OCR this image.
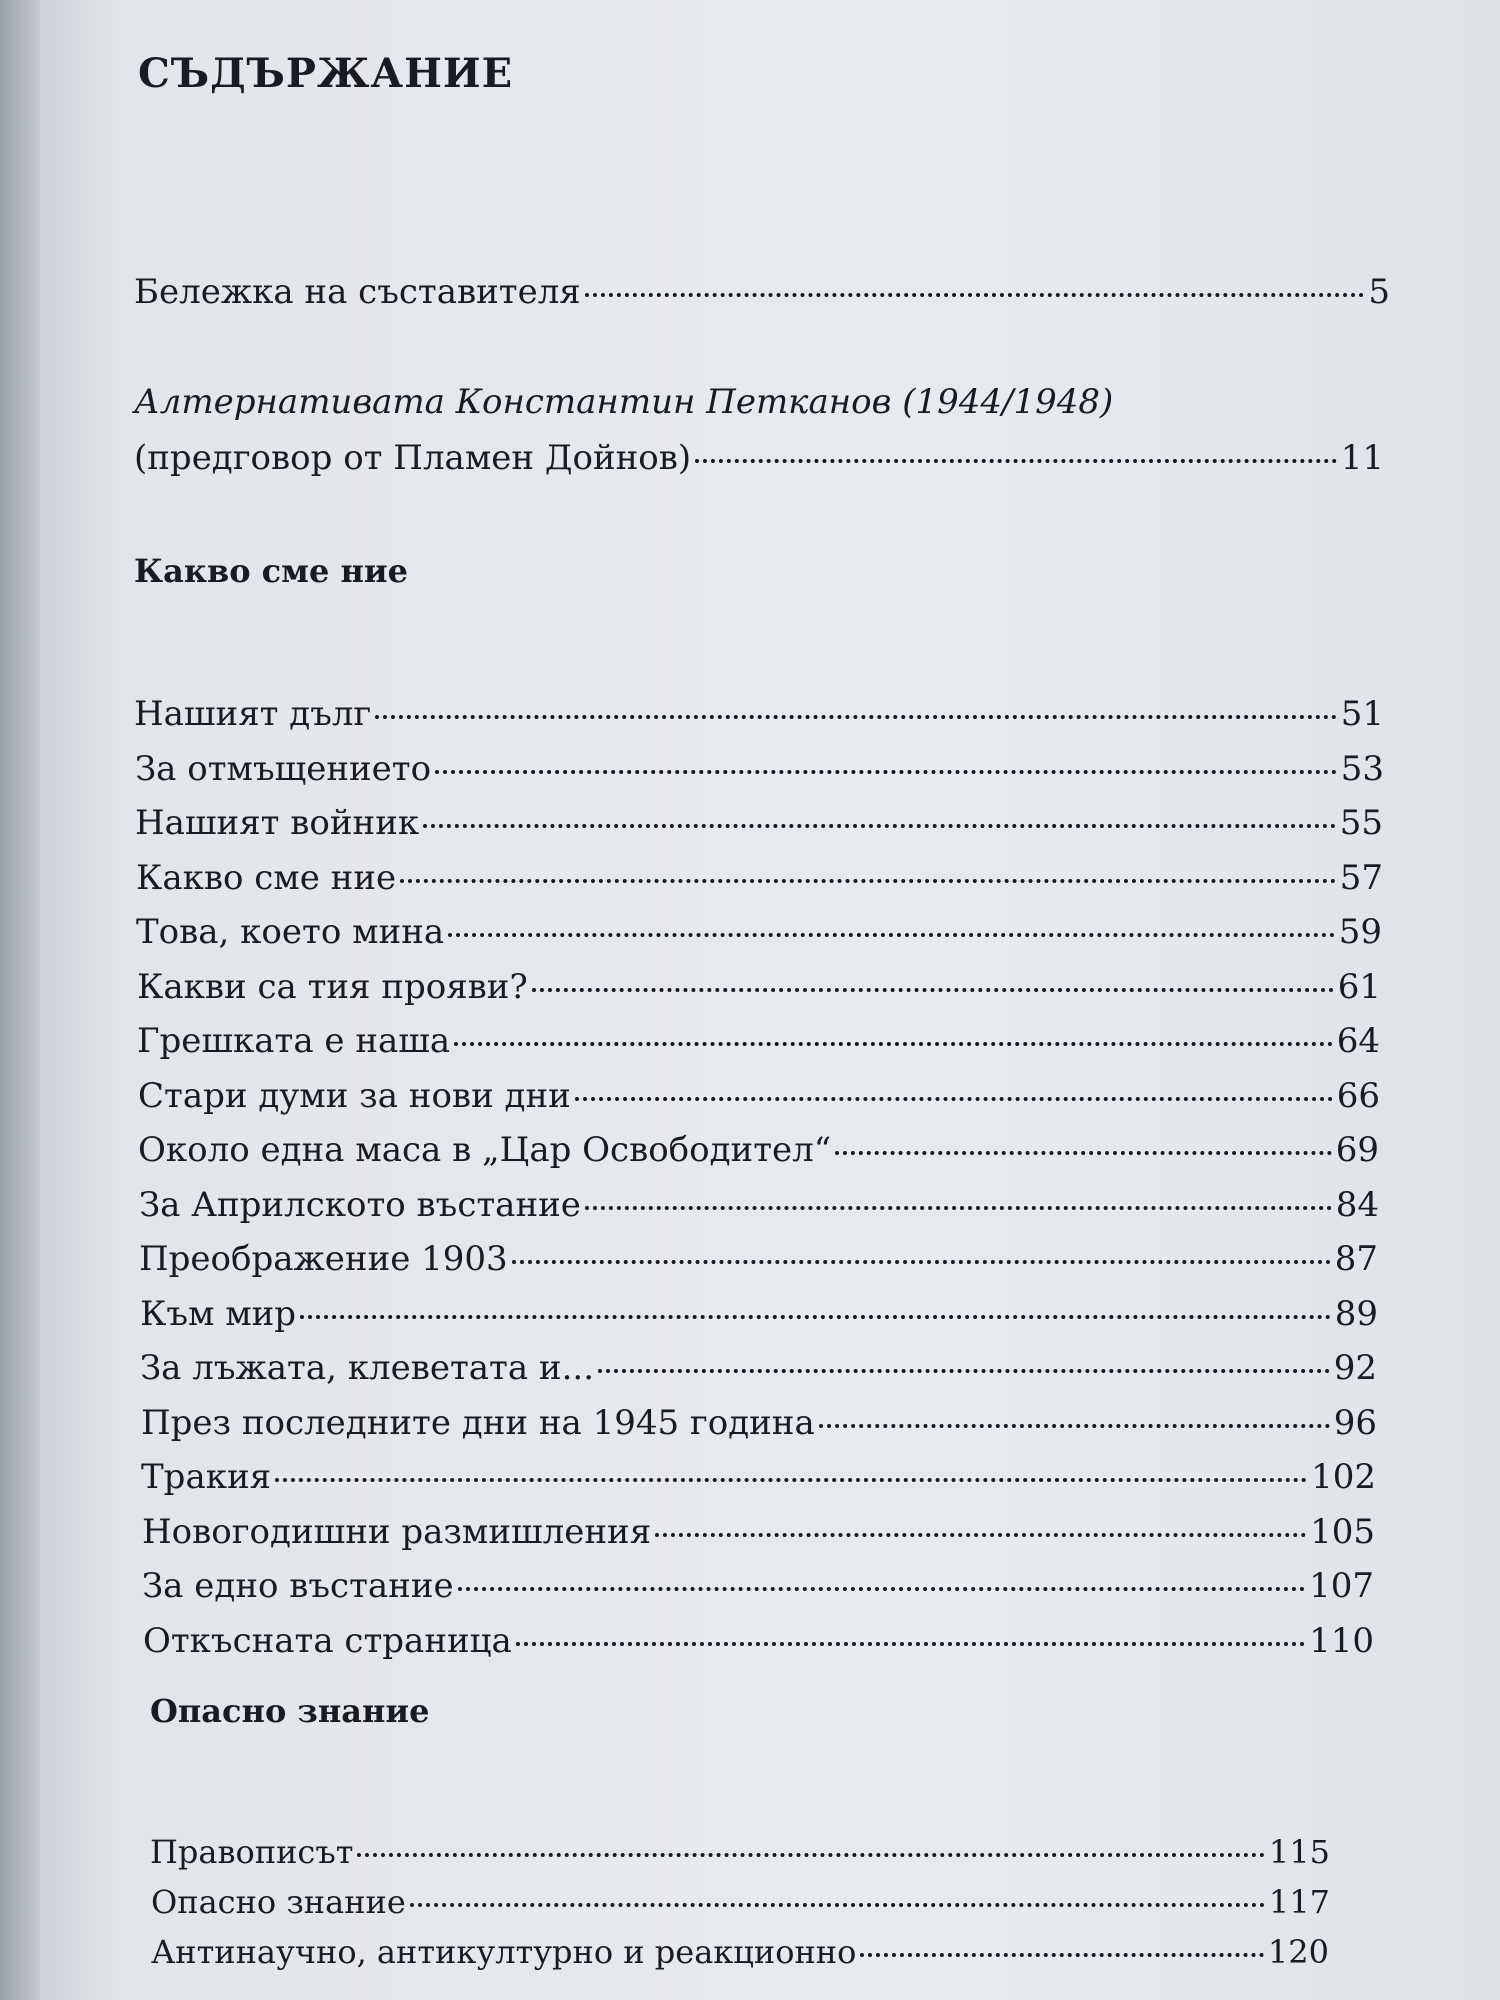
СЪДЪРЖАНИЕ
Бележка на съставителя	5
Алтернативата Константин Петканов (1944/1948)
(предговор от Пламен Дойнов)	11
Какво сме ние
Нашият дълг	51
За отмъщението	53
Нашият войник	55
Какво сме ние	57
Това, което мина	59
Какви са тия прояви?	61
Грешката е наша	64
Стари думи за нови дни	66
Около една маса в „Цар Освободител“	69
За Априлското въстание	84
Преображение 1903	87
Към мир	89
За лъжата, клеветата и...	92
През последните дни на 1945 година	96
Тракия	102
Новогодишни размишления	105
За едно въстание	107
Откъсната страница	110
Опасно знание
Правописът	115
Опасно знание	117
Антинаучно, антикултурно и реакционно	120
